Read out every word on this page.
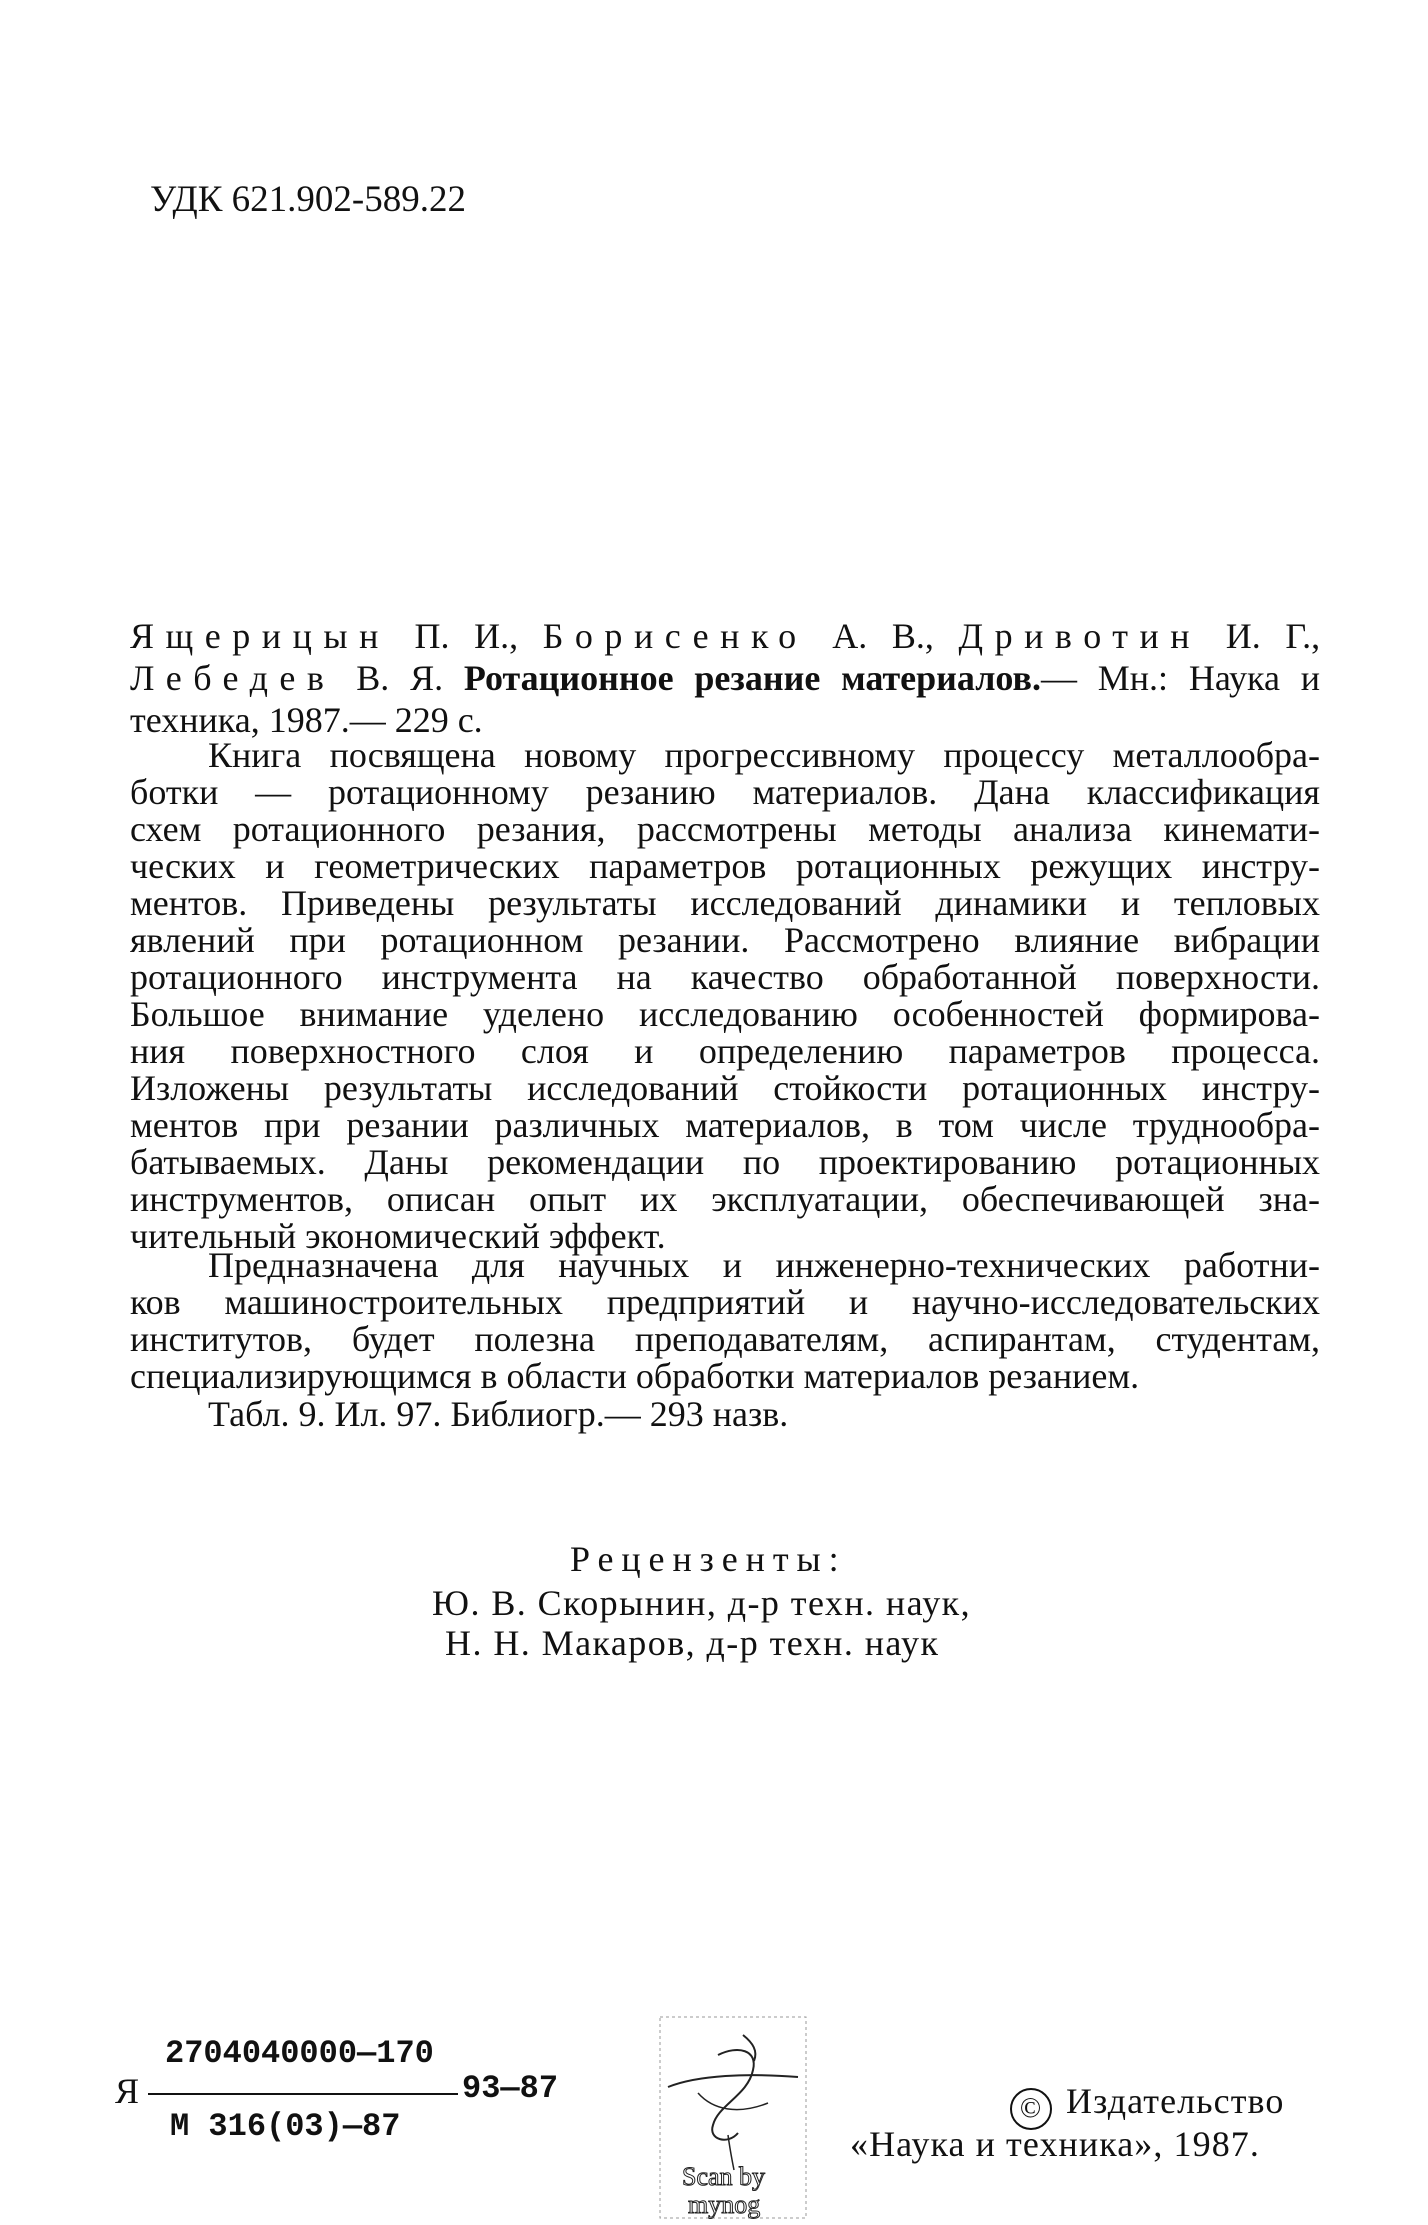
УДК 621.902-589.22
Ящерицын П. И., Борисенко А. В., Дривотин И. Г.,
Лебедев В. Я. Ротационное резание материалов.— Мн.: Наука и
техника, 1987.— 229 с.
Книга посвящена новому прогрессивному процессу металлообра-
ботки — ротационному резанию материалов. Дана классификация
схем ротационного резания, рассмотрены методы анализа кинемати-
ческих и геометрических параметров ротационных режущих инстру-
ментов. Приведены результаты исследований динамики и тепловых
явлений при ротационном резании. Рассмотрено влияние вибрации
ротационного инструмента на качество обработанной поверхности.
Большое внимание уделено исследованию особенностей формирова-
ния поверхностного слоя и определению параметров процесса.
Изложены результаты исследований стойкости ротационных инстру-
ментов при резании различных материалов, в том числе труднообра-
батываемых. Даны рекомендации по проектированию ротационных
инструментов, описан опыт их эксплуатации, обеспечивающей зна-
чительный экономический эффект.
Предназначена для научных и инженерно-технических работни-
ков машиностроительных предприятий и научно-исследовательских
институтов, будет полезна преподавателям, аспирантам, студентам,
специализирующимся в области обработки материалов резанием.
Табл. 9. Ил. 97. Библиогр.— 293 назв.
Рецензенты:
Ю. В. Скорынин, д-р техн. наук,
Н. Н. Макаров, д-р техн. наук
2704040000—170
Я	93—87
М 316(03)—87
Scan by
mynog
© Издательство
«Наука и техника», 1987.
